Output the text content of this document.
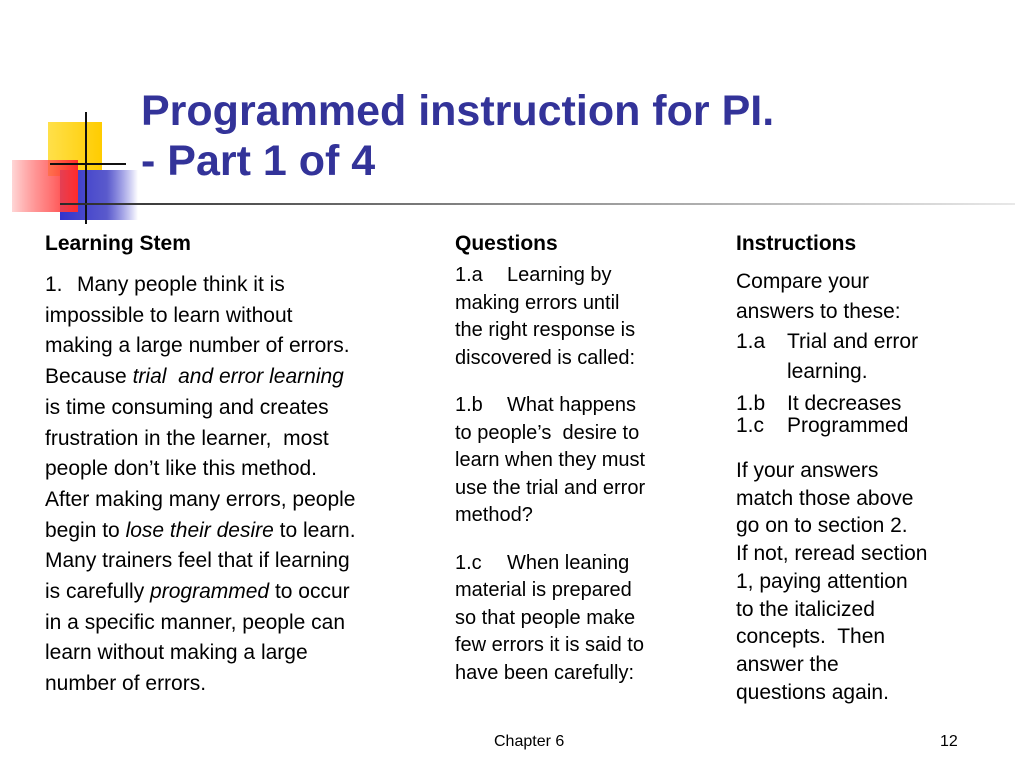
Programmed instruction for PI.
- Part 1 of 4
Learning Stem
1. Many people think it is
impossible to learn without
making a large number of errors.
Because trial and error learning
is time consuming and creates
frustration in the learner, most
people don’t like this method.
After making many errors, people
begin to lose their desire to learn.
Many trainers feel that if learning
is carefully programmed to occur
in a specific manner, people can
learn without making a large
number of errors.
Questions
1.a Learning by
making errors until
the right response is
discovered is called:
1.b What happens
to people’s desire to
learn when they must
use the trial and error
method?
1.c When leaning
material is prepared
so that people make
few errors it is said to
have been carefully:
Instructions
Compare your
answers to these:
1.a Trial and error
learning.
1.b It decreases
1.c Programmed
If your answers
match those above
go on to section 2.
If not, reread section
1, paying attention
to the italicized
concepts. Then
answer the
questions again.
Chapter 6	12
